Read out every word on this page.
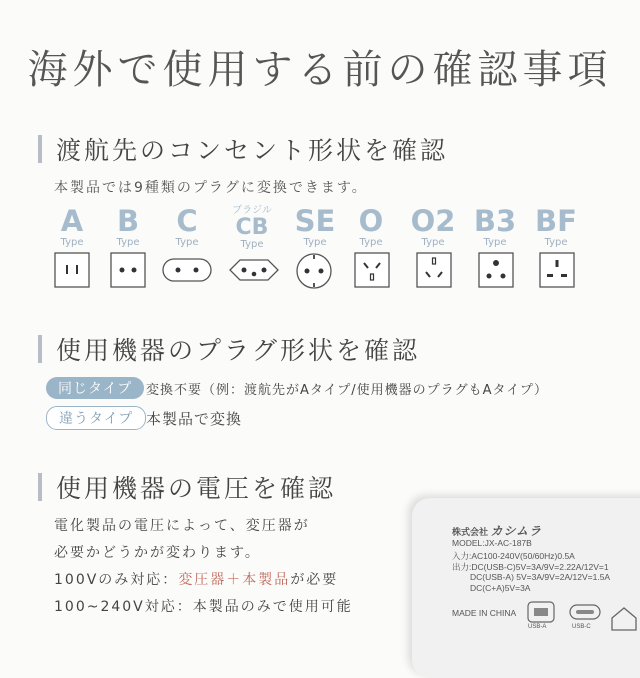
海外で使用する前の確認事項
渡航先のコンセント形状を確認
本製品では9種類のプラグに変換できます。
A
Type
B
Type
C
Type
ブラジル
CB
Type
SE
Type
O
Type
O2
Type
B3
Type
BF
Type
使用機器のプラグ形状を確認
同じタイプ	変換不要（例：渡航先がAタイプ/使用機器のプラグもAタイプ）
違うタイプ 本製品で変換
使用機器の電圧を確認
電化製品の電圧によって、変圧器が
必要かどうかが変わります。
100Vのみ対応：変圧器＋本製品が必要
100~240V対応：本製品のみで使用可能
株式会社 カシムラ
MODEL:JX-AC-187B
入力:AC100-240V(50/60Hz)0.5A
出力:DC(USB-C)5V=3A/9V=2.22A/12V=1
DC(USB-A) 5V=3A/9V=2A/12V=1.5A
DC(C+A)5V=3A
MADE IN CHINA
USB-A	USB-C
